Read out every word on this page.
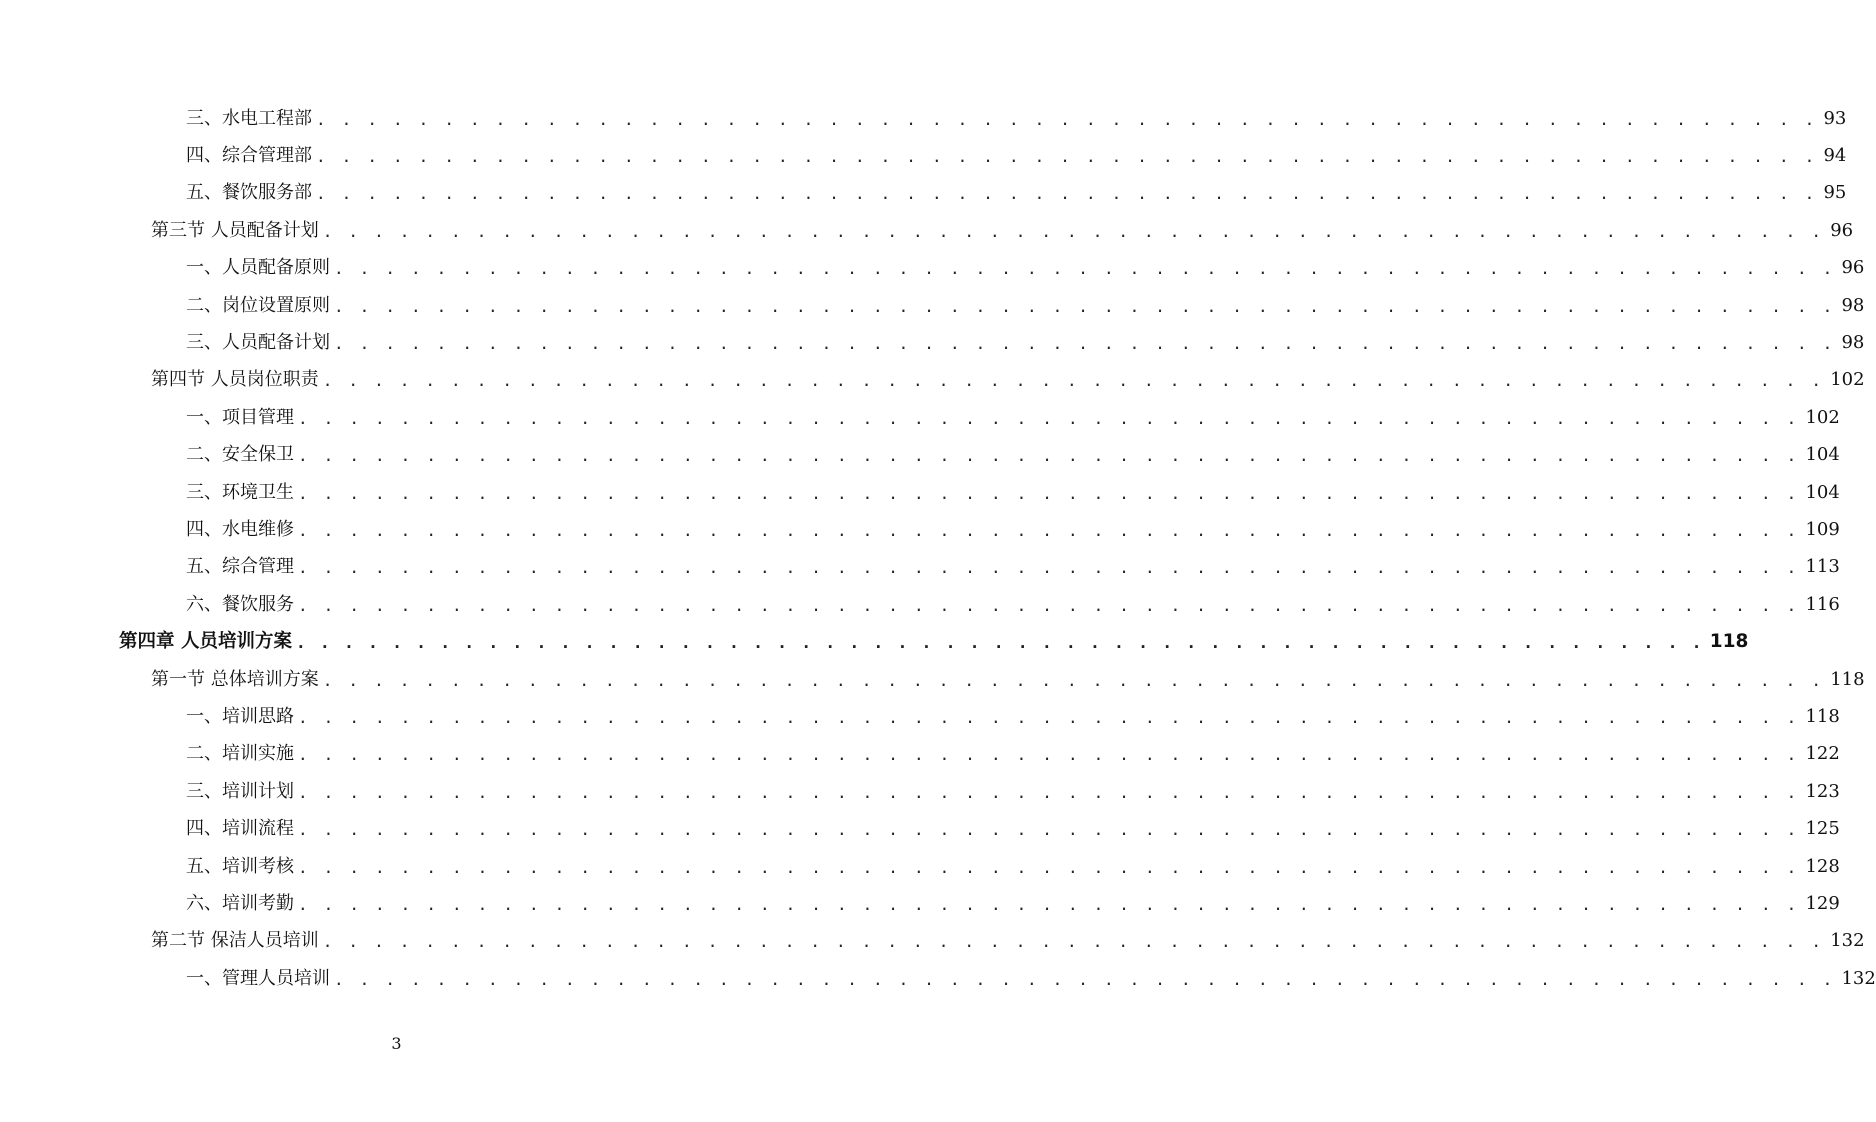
三、水电工程部 . . . . . . . . . . . . . . . . . . . . . . . . . . . . . . . . . . . . . . . . . . . . . . . . . . . . . . . . . . . 93
四、综合管理部 . . . . . . . . . . . . . . . . . . . . . . . . . . . . . . . . . . . . . . . . . . . . . . . . . . . . . . . . . . . 94
五、餐饮服务部 . . . . . . . . . . . . . . . . . . . . . . . . . . . . . . . . . . . . . . . . . . . . . . . . . . . . . . . . . . . 95
第三节 人员配备计划 . . . . . . . . . . . . . . . . . . . . . . . . . . . . . . . . . . . . . . . . . . . . . . . . . . . . . . . . . . . 96
一、人员配备原则 . . . . . . . . . . . . . . . . . . . . . . . . . . . . . . . . . . . . . . . . . . . . . . . . . . . . . . . . . . . 96
二、岗位设置原则 . . . . . . . . . . . . . . . . . . . . . . . . . . . . . . . . . . . . . . . . . . . . . . . . . . . . . . . . . . . 98
三、人员配备计划 . . . . . . . . . . . . . . . . . . . . . . . . . . . . . . . . . . . . . . . . . . . . . . . . . . . . . . . . . . . 98
第四节 人员岗位职责 . . . . . . . . . . . . . . . . . . . . . . . . . . . . . . . . . . . . . . . . . . . . . . . . . . . . . . . . . . . 102
一、项目管理 . . . . . . . . . . . . . . . . . . . . . . . . . . . . . . . . . . . . . . . . . . . . . . . . . . . . . . . . . . . 102
二、安全保卫 . . . . . . . . . . . . . . . . . . . . . . . . . . . . . . . . . . . . . . . . . . . . . . . . . . . . . . . . . . . 104
三、环境卫生 . . . . . . . . . . . . . . . . . . . . . . . . . . . . . . . . . . . . . . . . . . . . . . . . . . . . . . . . . . . 104
四、水电维修 . . . . . . . . . . . . . . . . . . . . . . . . . . . . . . . . . . . . . . . . . . . . . . . . . . . . . . . . . . . 109
五、综合管理 . . . . . . . . . . . . . . . . . . . . . . . . . . . . . . . . . . . . . . . . . . . . . . . . . . . . . . . . . . . 113
六、餐饮服务 . . . . . . . . . . . . . . . . . . . . . . . . . . . . . . . . . . . . . . . . . . . . . . . . . . . . . . . . . . . 116
第四章 人员培训方案 . . . . . . . . . . . . . . . . . . . . . . . . . . . . . . . . . . . . . . . . . . . . . . . . . . . . . . . . . . . 118
第一节 总体培训方案 . . . . . . . . . . . . . . . . . . . . . . . . . . . . . . . . . . . . . . . . . . . . . . . . . . . . . . . . . . . 118
一、培训思路 . . . . . . . . . . . . . . . . . . . . . . . . . . . . . . . . . . . . . . . . . . . . . . . . . . . . . . . . . . . 118
二、培训实施 . . . . . . . . . . . . . . . . . . . . . . . . . . . . . . . . . . . . . . . . . . . . . . . . . . . . . . . . . . . 122
三、培训计划 . . . . . . . . . . . . . . . . . . . . . . . . . . . . . . . . . . . . . . . . . . . . . . . . . . . . . . . . . . . 123
四、培训流程 . . . . . . . . . . . . . . . . . . . . . . . . . . . . . . . . . . . . . . . . . . . . . . . . . . . . . . . . . . . 125
五、培训考核 . . . . . . . . . . . . . . . . . . . . . . . . . . . . . . . . . . . . . . . . . . . . . . . . . . . . . . . . . . . 128
六、培训考勤 . . . . . . . . . . . . . . . . . . . . . . . . . . . . . . . . . . . . . . . . . . . . . . . . . . . . . . . . . . . 129
第二节 保洁人员培训 . . . . . . . . . . . . . . . . . . . . . . . . . . . . . . . . . . . . . . . . . . . . . . . . . . . . . . . . . . . 132
一、管理人员培训 . . . . . . . . . . . . . . . . . . . . . . . . . . . . . . . . . . . . . . . . . . . . . . . . . . . . . . . . . . . 132
3
